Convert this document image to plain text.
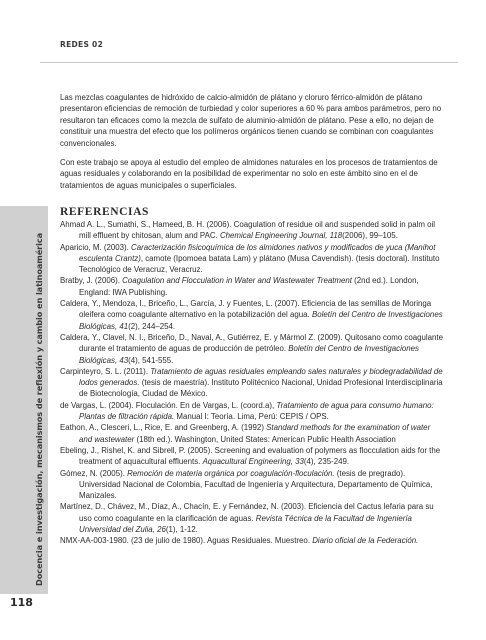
REDES 02
Docencia e investigación, mecanismos de reflexión y cambio en latinoamérica

Las mezclas coagulantes de hidróxido de calcio-almidón de plátano y cloruro férrico-almidón de plátano presentaron eficiencias de remoción de turbiedad y color superiores a 60 % para ambos parámetros, pero no resultaron tan eficaces como la mezcla de sulfato de aluminio-almidón de plátano. Pese a ello, no dejan de constituir una muestra del efecto que los polímeros orgánicos tienen cuando se combinan con coagulantes convencionales.

Con este trabajo se apoya al estudio del empleo de almidones naturales en los procesos de tratamientos de aguas residuales y colaborando en la posibilidad de experimentar no solo en este ámbito sino en el de tratamientos de aguas municipales o superficiales.

REFERENCIAS
Ahmad A. L., Sumathi, S., Hameed, B. H. (2006). Coagulation of residue oil and suspended solid in palm oil mill effluent by chitosan, alum and PAC. Chemical Engineering Journal, 118(2006), 99–105.
Aparicio, M. (2003). Caracterización fisicoquímica de los almidones nativos y modificados de yuca (Manihot esculenta Crantz), camote (Ipomoea batata Lam) y plátano (Musa Cavendish). (tesis doctoral). Instituto Tecnológico de Veracruz, Veracruz.
Bratby, J. (2006). Coagulation and Flocculation in Water and Wastewater Treatment (2nd ed.). London, England: IWA Publishing.
Caldera, Y., Mendoza, I., Briceño, L., García, J. y Fuentes, L. (2007). Eficiencia de las semillas de Moringa oleifera como coagulante alternativo en la potabilización del agua. Boletín del Centro de Investigaciones Biológicas, 41(2), 244–254.
Caldera, Y., Clavel, N. I., Briceño, D., Naval, A., Gutiérrez, E. y Mármol Z. (2009). Quitosano como coagulante durante el tratamiento de aguas de producción de petróleo. Boletín del Centro de Investigaciones Biológicas, 43(4), 541-555.
Carpinteyro, S. L. (2011). Tratamiento de aguas residuales empleando sales naturales y biodegradabilidad de lodos generados. (tesis de maestría). Instituto Politécnico Nacional, Unidad Profesional Interdisciplinaria de Biotecnología, Ciudad de México.
de Vargas, L. (2004). Floculación. En de Vargas, L. (coord.a), Tratamiento de agua para consumo humano: Plantas de filtración rápida. Manual I: Teoría. Lima, Perú: CEPIS / OPS.
Eathon, A., Clesceri, L., Rice, E. and Greenberg, A. (1992) Standard methods for the examination of water and wastewater (18th ed.). Washington, United States: American Public Health Association
Ebeling, J., Rishel, K. and Sibrell, P. (2005). Screening and evaluation of polymers as flocculation aids for the treatment of aquacultural effluents. Aquacultural Engineering, 33(4), 235-249.
Gómez, N. (2005). Remoción de materia orgánica por coagulación-floculación. (tesis de pregrado). Universidad Nacional de Colombia, Facultad de Ingeniería y Arquitectura, Departamento de Química, Manizales.
Martínez, D., Chávez, M., Díaz, A., Chacín, E. y Fernández, N. (2003). Eficiencia del Cactus lefaria para su uso como coagulante en la clarificación de aguas. Revista Técnica de la Facultad de Ingeniería Universidad del Zulia, 26(1), 1-12.
NMX-AA-003-1980. (23 de julio de 1980). Aguas Residuales. Muestreo. Diario oficial de la Federación.
118
